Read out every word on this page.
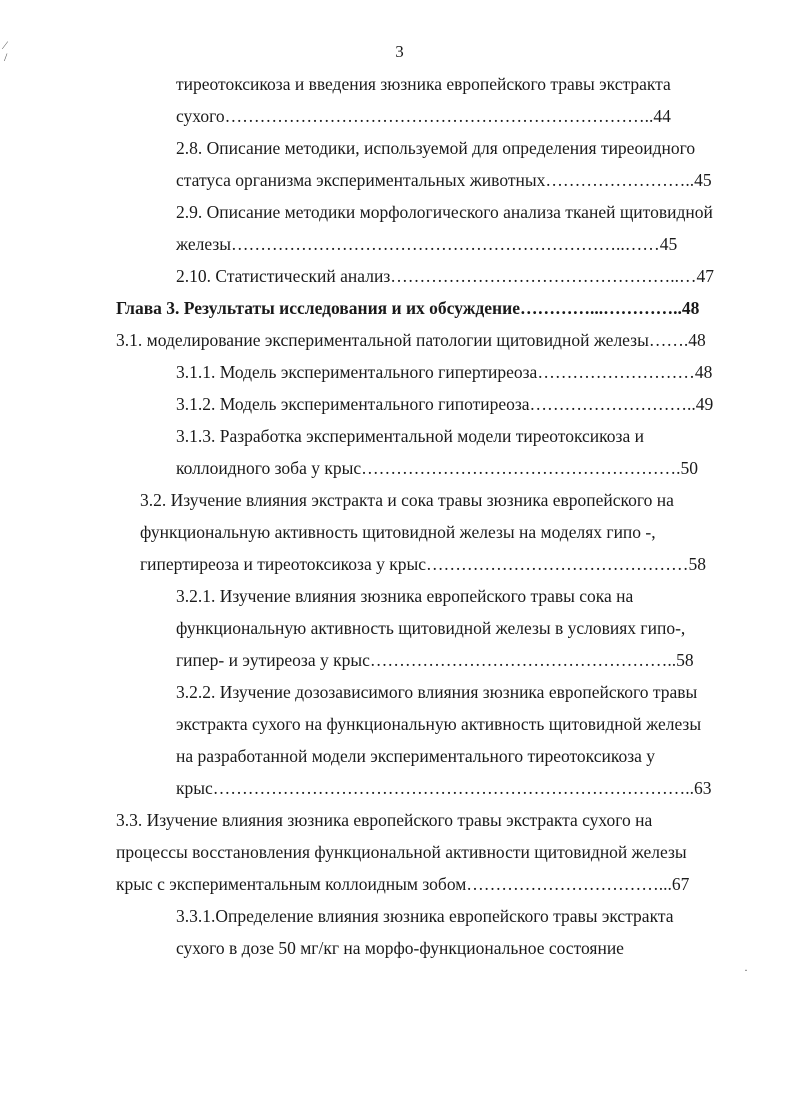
3
⁄
/

тиреотоксикоза и введения зюзника европейского травы экстракта

сухого………………………………………………………………..44

2.8. Описание методики, используемой для определения тиреоидного

статуса организма экспериментальных животных……………………..45

2.9. Описание методики морфологического анализа тканей щитовидной

железы…………………………………………………………..……45

2.10. Статистический анализ…………………………………………..…47

Глава 3. Результаты исследования и их обсуждение…………...…………..48

3.1. моделирование экспериментальной патологии щитовидной железы…….48

3.1.1. Модель экспериментального гипертиреоза………………………48

3.1.2. Модель экспериментального гипотиреоза………………………..49

3.1.3. Разработка экспериментальной модели тиреотоксикоза и

коллоидного зоба у крыс……………………………………………….50

3.2. Изучение влияния экстракта и сока травы зюзника европейского на

функциональную активность щитовидной железы на моделях гипо -,

гипертиреоза и тиреотоксикоза у крыс………………………………………58

3.2.1. Изучение влияния зюзника европейского травы сока на

функциональную активность щитовидной железы в условиях гипо-,

гипер- и эутиреоза у крыс……………………………………………..58

3.2.2. Изучение дозозависимого влияния зюзника европейского травы

экстракта сухого на функциональную активность щитовидной железы

на разработанной модели экспериментального тиреотоксикоза у

крыс………………………………………………………………………..63

3.3. Изучение влияния зюзника европейского травы экстракта сухого на

процессы восстановления функциональной активности щитовидной железы

крыс с экспериментальным коллоидным зобом……………………………...67

3.3.1.Определение влияния зюзника европейского травы экстракта

сухого в дозе 50 мг/кг на морфо-функциональное состояние

·
